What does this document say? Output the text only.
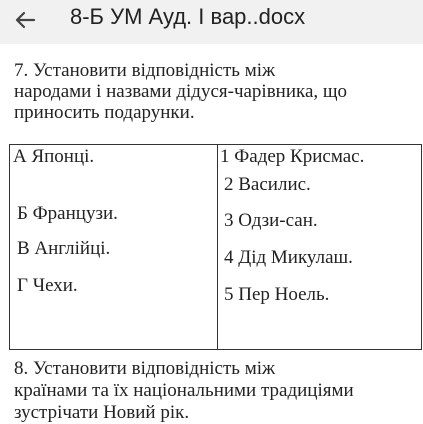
8-Б УМ Ауд. І вар..docx

7. Установити відповідність між
народами і назвами дідуся-чарівника, що
приносить подарунки.

А Японці.
Б Французи.
В Англійці.
Г Чехи.
1 Фадер Крисмас.
2 Василис.
3 Одзи-сан.
4 Дід Микулаш.
5 Пер Ноель.

8. Установити відповідність між
країнами та їх національними традиціями
зустрічати Новий рік.
